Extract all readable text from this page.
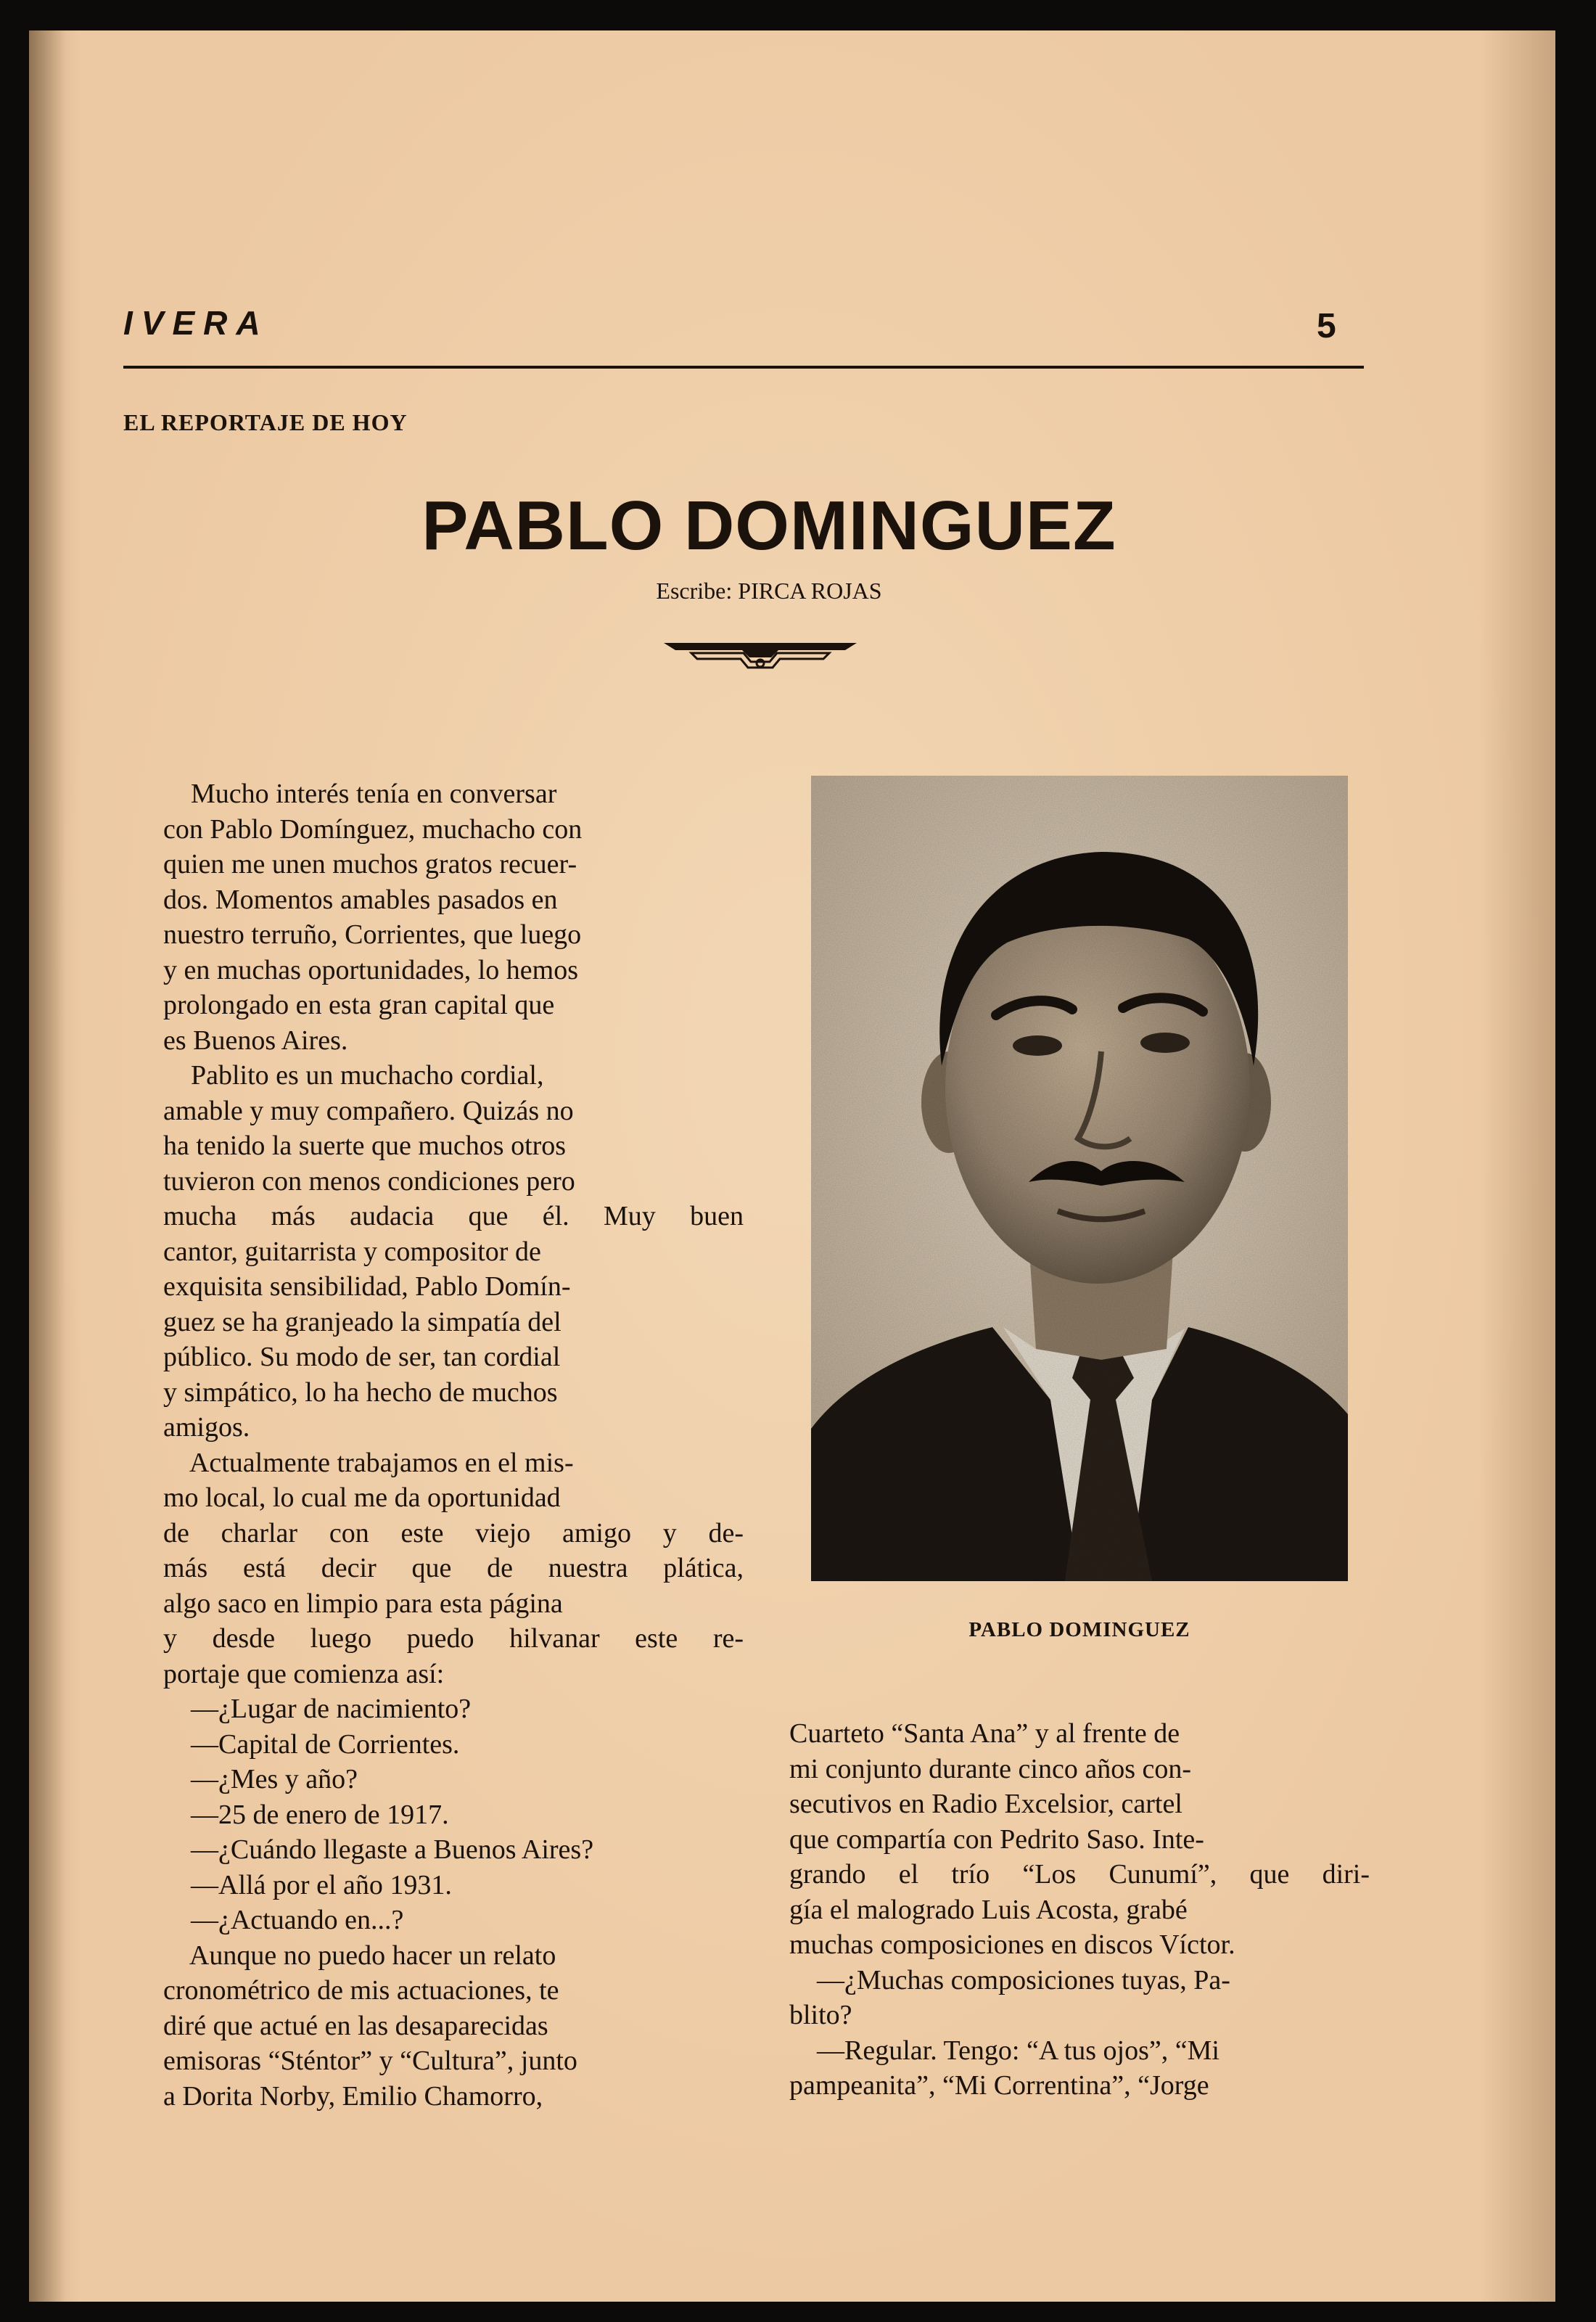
IVERA	5

EL REPORTAJE DE HOY

PABLO DOMINGUEZ

Escribe: PIRCA ROJAS

Mucho interés tenía en conversar

con Pablo Domínguez, muchacho con

quien me unen muchos gratos recuer-

dos. Momentos amables pasados en

nuestro terruño, Corrientes, que luego

y en muchas oportunidades, lo hemos

prolongado en esta gran capital que

es Buenos Aires.

Pablito es un muchacho cordial,

amable y muy compañero. Quizás no

ha tenido la suerte que muchos otros

tuvieron con menos condiciones pero

mucha más audacia que él. Muy buen

cantor, guitarrista y compositor de

exquisita sensibilidad, Pablo Domín-

guez se ha granjeado la simpatía del

público. Su modo de ser, tan cordial

y simpático, lo ha hecho de muchos

amigos.

Actualmente trabajamos en el mis-

mo local, lo cual me da oportunidad

de charlar con este viejo amigo y de-

más está decir que de nuestra plática,

algo saco en limpio para esta página

y desde luego puedo hilvanar este re-

portaje que comienza así:

—¿Lugar de nacimiento?

—Capital de Corrientes.

—¿Mes y año?

—25 de enero de 1917.

—¿Cuándo llegaste a Buenos Aires?

—Allá por el año 1931.

—¿Actuando en...?

Aunque no puedo hacer un relato

cronométrico de mis actuaciones, te

diré que actué en las desaparecidas

emisoras “Sténtor” y “Cultura”, junto

a Dorita Norby, Emilio Chamorro,

PABLO DOMINGUEZ

Cuarteto “Santa Ana” y al frente de

mi conjunto durante cinco años con-

secutivos en Radio Excelsior, cartel

que compartía con Pedrito Saso. Inte-

grando el trío “Los Cunumí”, que diri-

gía el malogrado Luis Acosta, grabé

muchas composiciones en discos Víctor.

—¿Muchas composiciones tuyas, Pa-

blito?

—Regular. Tengo: “A tus ojos”, “Mi

pampeanita”, “Mi Correntina”, “Jorge
